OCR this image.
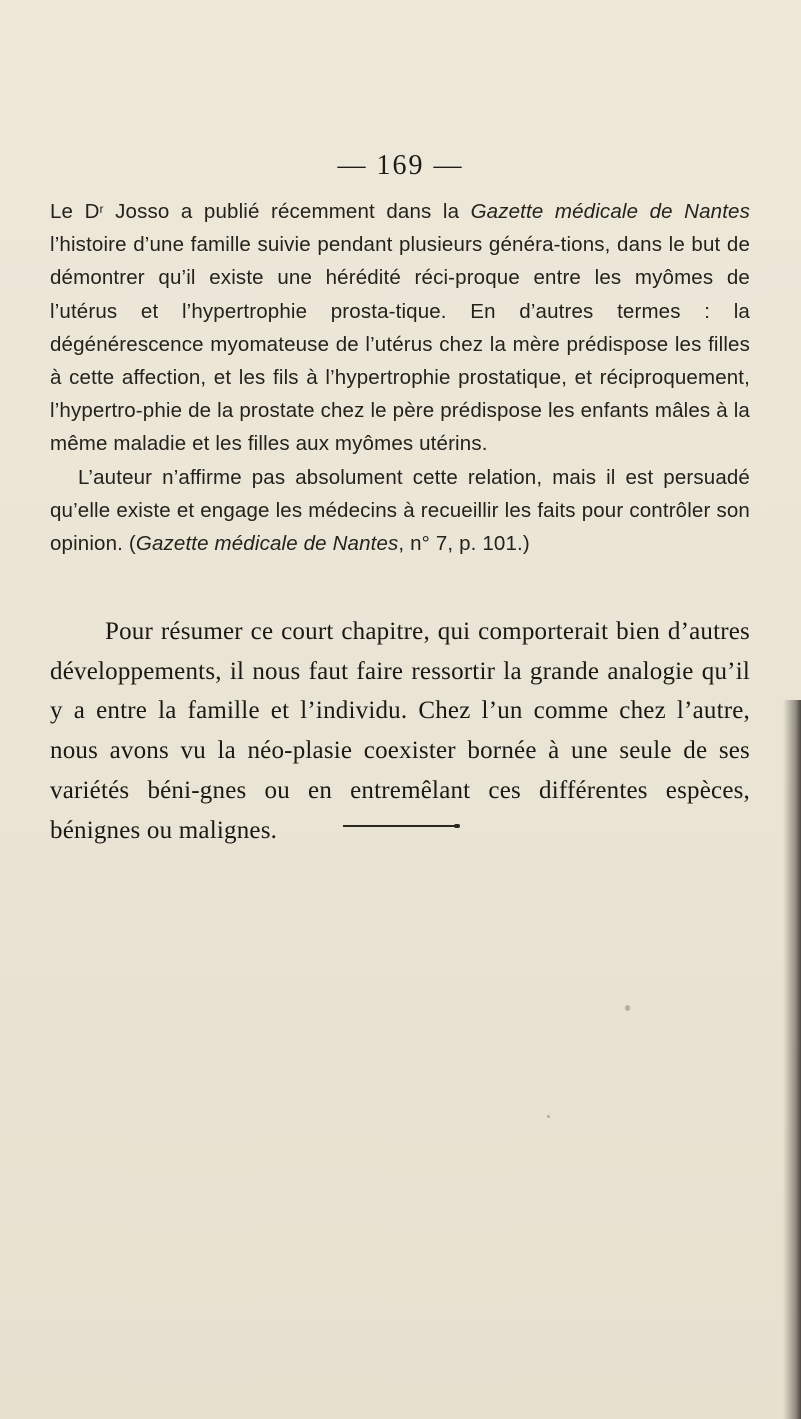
— 169 —

Le $D^r$ Josso a publié récemment dans la Gazette médicale de Nantes l’histoire d’une famille suivie pendant plusieurs généra-tions, dans le but de démontrer qu’il existe une hérédité réci-proque entre les myômes de l’utérus et l’hypertrophie prosta-tique. En d’autres termes : la dégénérescence myomateuse de l’utérus chez la mère prédispose les filles à cette affection, et les fils à l’hypertrophie prostatique, et réciproquement, l’hypertro-phie de la prostate chez le père prédispose les enfants mâles à la même maladie et les filles aux myômes utérins.

L’auteur n’affirme pas absolument cette relation, mais il est persuadé qu’elle existe et engage les médecins à recueillir les faits pour contrôler son opinion. (Gazette médicale de Nantes, n° 7, p. 101.)

Pour résumer ce court chapitre, qui comporterait bien d’autres développements, il nous faut faire ressortir la grande analogie qu’il y a entre la famille et l’individu. Chez l’un comme chez l’autre, nous avons vu la néo-plasie coexister bornée à une seule de ses variétés béni-gnes ou en entremêlant ces différentes espèces, bénignes ou malignes.
